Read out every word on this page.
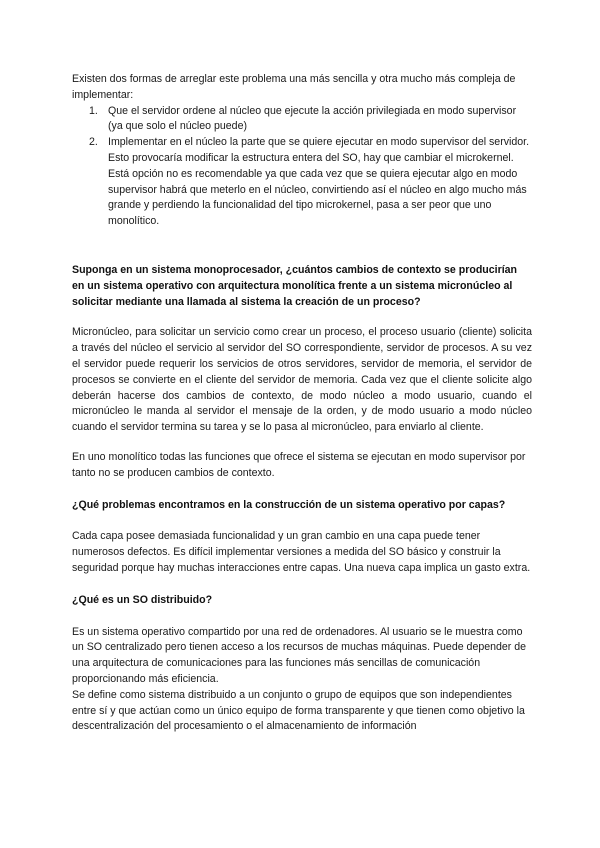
Existen dos formas de arreglar este problema una más sencilla y otra mucho más compleja de implementar:

1. Que el servidor ordene al núcleo que ejecute la acción privilegiada en modo supervisor (ya que solo el núcleo puede)
2. Implementar en el núcleo la parte que se quiere ejecutar en modo supervisor del servidor. Esto provocaría modificar la estructura entera del SO, hay que cambiar el microkernel. Está opción no es recomendable ya que cada vez que se quiera ejecutar algo en modo supervisor habrá que meterlo en el núcleo, convirtiendo así el núcleo en algo mucho más grande y perdiendo la funcionalidad del tipo microkernel, pasa a ser peor que uno monolítico.

Suponga en un sistema monoprocesador, ¿cuántos cambios de contexto se producirían en un sistema operativo con arquitectura monolítica frente a un sistema micronúcleo al solicitar mediante una llamada al sistema la creación de un proceso?

Micronúcleo, para solicitar un servicio como crear un proceso, el proceso usuario (cliente) solicita a través del núcleo el servicio al servidor del SO correspondiente, servidor de procesos. A su vez el servidor puede requerir los servicios de otros servidores, servidor de memoria, el servidor de procesos se convierte en el cliente del servidor de memoria. Cada vez que el cliente solicite algo deberán hacerse dos cambios de contexto, de modo núcleo a modo usuario, cuando el micronúcleo le manda al servidor el mensaje de la orden, y de modo usuario a modo núcleo cuando el servidor termina su tarea y se lo pasa al micronúcleo, para enviarlo al cliente.

En uno monolítico todas las funciones que ofrece el sistema se ejecutan en modo supervisor por tanto no se producen cambios de contexto.

¿Qué problemas encontramos en la construcción de un sistema operativo por capas?

Cada capa posee demasiada funcionalidad y un gran cambio en una capa puede tener numerosos defectos. Es difícil implementar versiones a medida del SO básico y construir la seguridad porque hay muchas interacciones entre capas. Una nueva capa implica un gasto extra.

¿Qué es un SO distribuido?

Es un sistema operativo compartido por una red de ordenadores. Al usuario se le muestra como un SO centralizado pero tienen acceso a los recursos de muchas máquinas. Puede depender de una arquitectura de comunicaciones para las funciones más sencillas de comunicación proporcionando más eficiencia.

Se define como sistema distribuido a un conjunto o grupo de equipos que son independientes entre sí y que actúan como un único equipo de forma transparente y que tienen como objetivo la descentralización del procesamiento o el almacenamiento de información
